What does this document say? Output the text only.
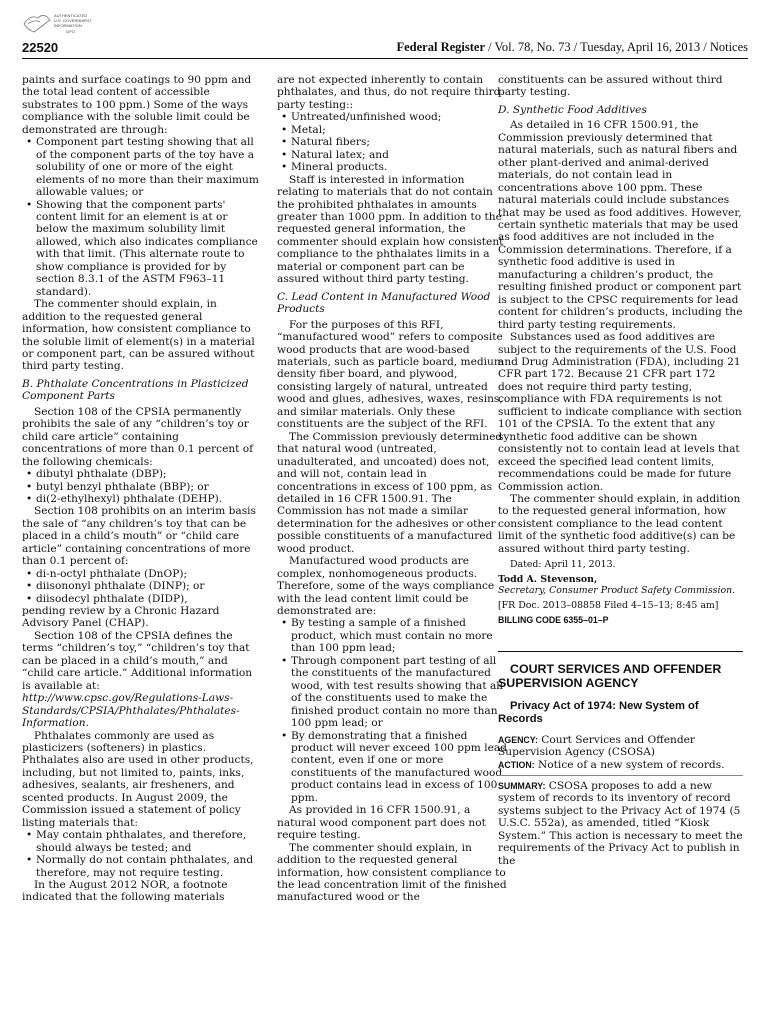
AUTHENTICATED
U.S. GOVERNMENT
INFORMATION
GPO
22520	Federal Register / Vol. 78, No. 73 / Tuesday, April 16, 2013 / Notices

paints and surface coatings to 90 ppm and the total lead content of accessible substrates to 100 ppm.) Some of the ways compliance with the soluble limit could be demonstrated are through:

• Component part testing showing that all of the component parts of the toy have a solubility of one or more of the eight elements of no more than their maximum allowable values; or

• Showing that the component parts' content limit for an element is at or below the maximum solubility limit allowed, which also indicates compliance with that limit. (This alternate route to show compliance is provided for by section 8.3.1 of the ASTM F963–11 standard).

The commenter should explain, in addition to the requested general information, how consistent compliance to the soluble limit of element(s) in a material or component part, can be assured without third party testing.

B. Phthalate Concentrations in Plasticized Component Parts

Section 108 of the CPSIA permanently prohibits the sale of any “children’s toy or child care article” containing concentrations of more than 0.1 percent of the following chemicals:

• dibutyl phthalate (DBP);

• butyl benzyl phthalate (BBP); or

• di(2-ethylhexyl) phthalate (DEHP).

Section 108 prohibits on an interim basis the sale of “any children’s toy that can be placed in a child’s mouth” or “child care article” containing concentrations of more than 0.1 percent of:

• di-n-octyl phthalate (DnOP);

• diisononyl phthalate (DINP); or

• diisodecyl phthalate (DIDP),

pending review by a Chronic Hazard Advisory Panel (CHAP).

Section 108 of the CPSIA defines the terms “children’s toy,” “children’s toy that can be placed in a child’s mouth,” and “child care article.” Additional information is available at: http://www.cpsc.gov/Regulations-Laws-Standards/CPSIA/Phthalates/Phthalates-Information.

Phthalates commonly are used as plasticizers (softeners) in plastics. Phthalates also are used in other products, including, but not limited to, paints, inks, adhesives, sealants, air fresheners, and scented products. In August 2009, the Commission issued a statement of policy listing materials that:

• May contain phthalates, and therefore, should always be tested; and

• Normally do not contain phthalates, and therefore, may not require testing.

In the August 2012 NOR, a footnote indicated that the following materials

are not expected inherently to contain phthalates, and thus, do not require third party testing::

• Untreated/unfinished wood;

• Metal;

• Natural fibers;

• Natural latex; and

• Mineral products.

Staff is interested in information relating to materials that do not contain the prohibited phthalates in amounts greater than 1000 ppm. In addition to the requested general information, the commenter should explain how consistent compliance to the phthalates limits in a material or component part can be assured without third party testing.

C. Lead Content in Manufactured Wood Products

For the purposes of this RFI, “manufactured wood” refers to composite wood products that are wood-based materials, such as particle board, medium density fiber board, and plywood, consisting largely of natural, untreated wood and glues, adhesives, waxes, resins, and similar materials. Only these constituents are the subject of the RFI.

The Commission previously determined that natural wood (untreated, unadulterated, and uncoated) does not, and will not, contain lead in concentrations in excess of 100 ppm, as detailed in 16 CFR 1500.91. The Commission has not made a similar determination for the adhesives or other possible constituents of a manufactured wood product.

Manufactured wood products are complex, nonhomogeneous products. Therefore, some of the ways compliance with the lead content limit could be demonstrated are:

• By testing a sample of a finished product, which must contain no more than 100 ppm lead;

• Through component part testing of all the constituents of the manufactured wood, with test results showing that all of the constituents used to make the finished product contain no more than 100 ppm lead; or

• By demonstrating that a finished product will never exceed 100 ppm lead content, even if one or more constituents of the manufactured wood product contains lead in excess of 100 ppm.

As provided in 16 CFR 1500.91, a natural wood component part does not require testing.

The commenter should explain, in addition to the requested general information, how consistent compliance to the lead concentration limit of the finished manufactured wood or the

constituents can be assured without third party testing.

D. Synthetic Food Additives

As detailed in 16 CFR 1500.91, the Commission previously determined that natural materials, such as natural fibers and other plant-derived and animal-derived materials, do not contain lead in concentrations above 100 ppm. These natural materials could include substances that may be used as food additives. However, certain synthetic materials that may be used as food additives are not included in the Commission determinations. Therefore, if a synthetic food additive is used in manufacturing a children’s product, the resulting finished product or component part is subject to the CPSC requirements for lead content for children’s products, including the third party testing requirements.

Substances used as food additives are subject to the requirements of the U.S. Food and Drug Administration (FDA), including 21 CFR part 172. Because 21 CFR part 172 does not require third party testing, compliance with FDA requirements is not sufficient to indicate compliance with section 101 of the CPSIA. To the extent that any synthetic food additive can be shown consistently not to contain lead at levels that exceed the specified lead content limits, recommendations could be made for future Commission action.

The commenter should explain, in addition to the requested general information, how consistent compliance to the lead content limit of the synthetic food additive(s) can be assured without third party testing.

Dated: April 11, 2013.

Todd A. Stevenson,

Secretary, Consumer Product Safety Commission.

[FR Doc. 2013–08858 Filed 4–15–13; 8:45 am]

BILLING CODE 6355–01–P

COURT SERVICES AND OFFENDER SUPERVISION AGENCY

Privacy Act of 1974: New System of Records

AGENCY: Court Services and Offender Supervision Agency (CSOSA)

ACTION: Notice of a new system of records.

SUMMARY: CSOSA proposes to add a new system of records to its inventory of record systems subject to the Privacy Act of 1974 (5 U.S.C. 552a), as amended, titled “Kiosk System.” This action is necessary to meet the requirements of the Privacy Act to publish in the
